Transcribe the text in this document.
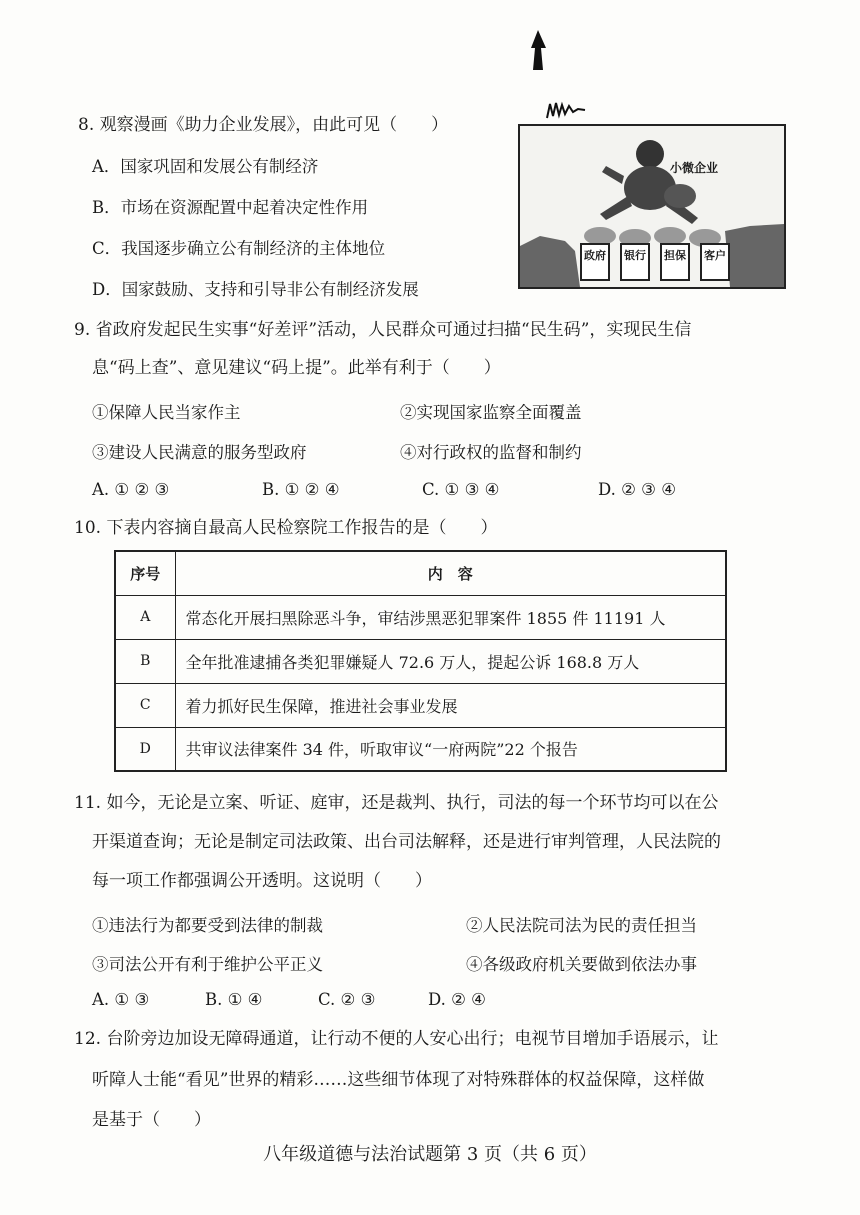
8. 观察漫画《助力企业发展》，由此可见（　　）
A．国家巩固和发展公有制经济
B．市场在资源配置中起着决定性作用
C．我国逐步确立公有制经济的主体地位
D．国家鼓励、支持和引导非公有制经济发展
小微企业
政府	银行	担保	客户
9. 省政府发起民生实事“好差评”活动，人民群众可通过扫描“民生码”，实现民生信
息“码上查”、意见建议“码上提”。此举有利于（　　）
①保障人民当家作主	②实现国家监察全面覆盖
③建设人民满意的服务型政府	④对行政权的监督和制约
A. ① ② ③	B. ① ② ④	C. ① ③ ④	D. ② ③ ④
10. 下表内容摘自最高人民检察院工作报告的是（　　）
序号	内　容
A	常态化开展扫黑除恶斗争，审结涉黑恶犯罪案件 1855 件 11191 人
B	全年批准逮捕各类犯罪嫌疑人 72.6 万人，提起公诉 168.8 万人
C	着力抓好民生保障，推进社会事业发展
D	共审议法律案件 34 件，听取审议“一府两院”22 个报告
11. 如今，无论是立案、听证、庭审，还是裁判、执行，司法的每一个环节均可以在公
开渠道查询；无论是制定司法政策、出台司法解释，还是进行审判管理，人民法院的
每一项工作都强调公开透明。这说明（　　）
①违法行为都要受到法律的制裁	②人民法院司法为民的责任担当
③司法公开有利于维护公平正义	④各级政府机关要做到依法办事
A. ① ③	B. ① ④	C. ② ③	D. ② ④
12. 台阶旁边加设无障碍通道，让行动不便的人安心出行；电视节目增加手语展示，让
听障人士能“看见”世界的精彩……这些细节体现了对特殊群体的权益保障，这样做
是基于（　　）
八年级道德与法治试题第 3 页（共 6 页）
